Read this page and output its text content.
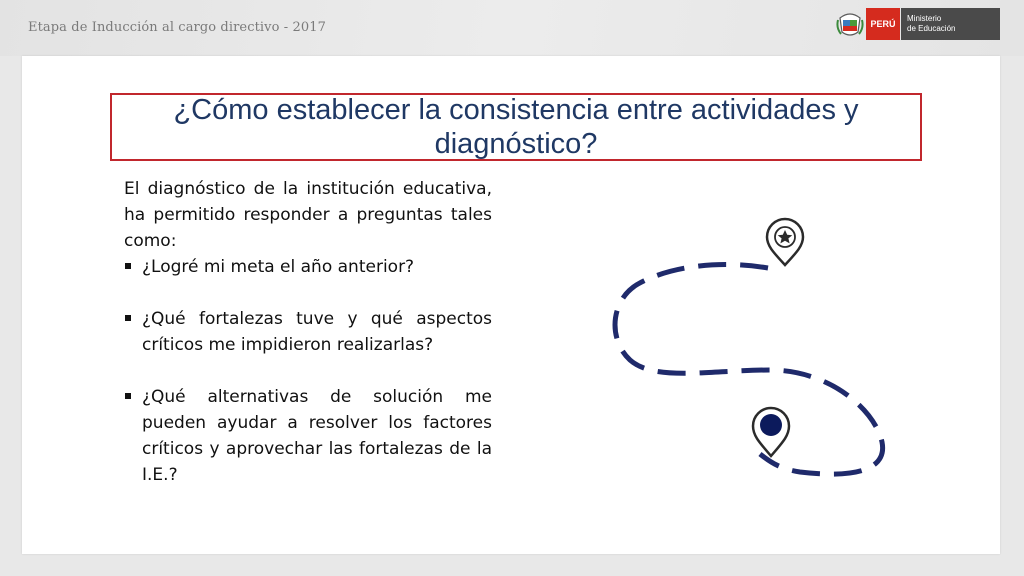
Etapa de Inducción al cargo directivo - 2017	PERÚ
Ministerio
de Educación
¿Cómo establecer la consistencia entre actividades y diagnóstico?

El diagnóstico de la institución educativa, ha permitido responder a preguntas tales como:

¿Logré mi meta el año anterior?
¿Qué fortalezas tuve y qué aspectos críticos me impidieron realizarlas?
¿Qué alternativas de solución me pueden ayudar a resolver los factores críticos y aprovechar las fortalezas de la I.E.?
